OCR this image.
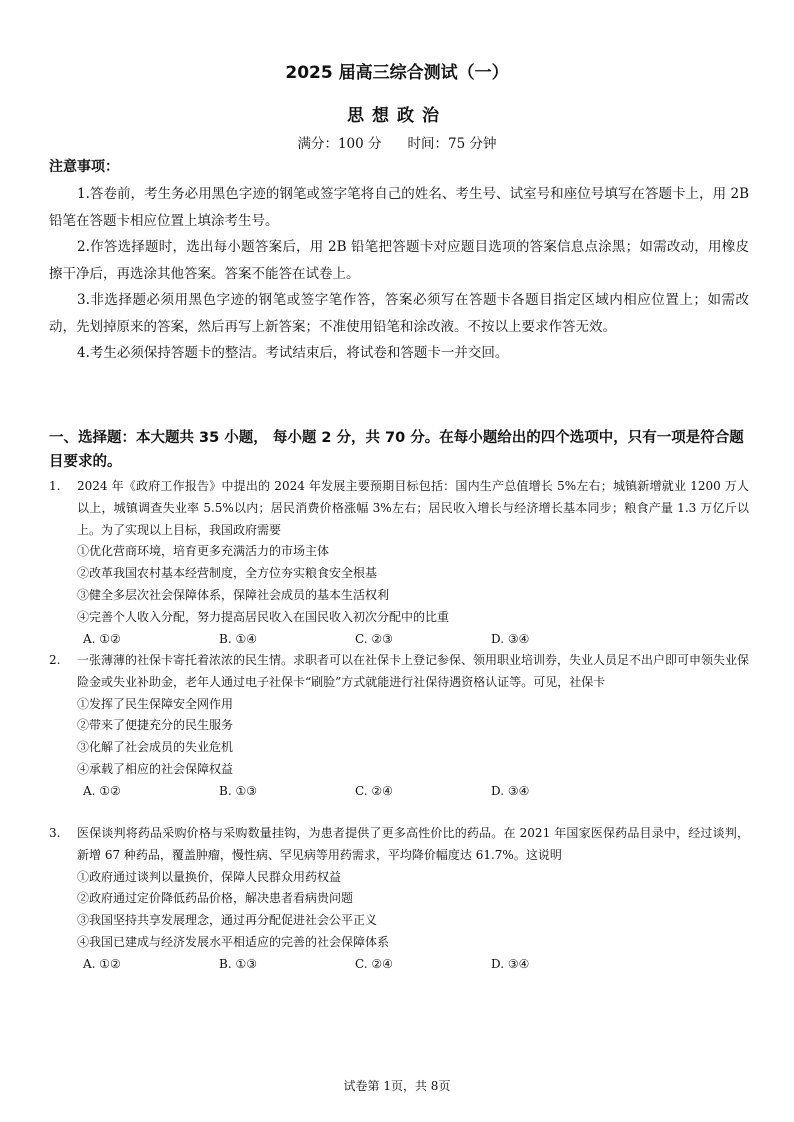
2025 届高三综合测试（一）
思想政治
满分：100 分 时间：75 分钟
注意事项：

1.答卷前，考生务必用黑色字迹的钢笔或签字笔将自己的姓名、考生号、试室号和座位号填写在答题卡上，用 2B 铅笔在答题卡相应位置上填涂考生号。

2.作答选择题时，选出每小题答案后，用 2B 铅笔把答题卡对应题目选项的答案信息点涂黑；如需改动，用橡皮擦干净后，再选涂其他答案。答案不能答在试卷上。

3.非选择题必须用黑色字迹的钢笔或签字笔作答，答案必须写在答题卡各题目指定区域内相应位置上；如需改动，先划掉原来的答案，然后再写上新答案；不准使用铅笔和涂改液。不按以上要求作答无效。

4.考生必须保持答题卡的整洁。考试结束后，将试卷和答题卡一并交回。

一、选择题：本大题共 35 小题， 每小题 2 分，共 70 分。在每小题给出的四个选项中，只有一项是符合题目要求的。
1. 2024 年《政府工作报告》中提出的 2024 年发展主要预期目标包括：国内生产总值增长 5%左右；城镇新增就业 1200 万人以上，城镇调查失业率 5.5%以内；居民消费价格涨幅 3%左右；居民收入增长与经济增长基本同步；粮食产量 1.3 万亿斤以上。为了实现以上目标，我国政府需要
①优化营商环境，培育更多充满活力的市场主体
②改革我国农村基本经营制度，全方位夯实粮食安全根基
③健全多层次社会保障体系，保障社会成员的基本生活权利
④完善个人收入分配，努力提高居民收入在国民收入初次分配中的比重
A. ①②	B. ①④	C. ②③	D. ③④
2. 一张薄薄的社保卡寄托着浓浓的民生情。求职者可以在社保卡上登记参保、领用职业培训券，失业人员足不出户即可申领失业保险金或失业补助金，老年人通过电子社保卡“刷脸”方式就能进行社保待遇资格认证等。可见，社保卡
①发挥了民生保障安全网作用
②带来了便捷充分的民生服务
③化解了社会成员的失业危机
④承载了相应的社会保障权益
A. ①②	B. ①③	C. ②④	D. ③④
3. 医保谈判将药品采购价格与采购数量挂钩，为患者提供了更多高性价比的药品。在 2021 年国家医保药品目录中，经过谈判，新增 67 种药品，覆盖肿瘤，慢性病、罕见病等用药需求，平均降价幅度达 61.7%。这说明
①政府通过谈判以量换价，保障人民群众用药权益
②政府通过定价降低药品价格，解决患者看病贵问题
③我国坚持共享发展理念，通过再分配促进社会公平正义
④我国已建成与经济发展水平相适应的完善的社会保障体系
A. ①②	B. ①③	C. ②④	D. ③④
试卷第 1页，共 8页
